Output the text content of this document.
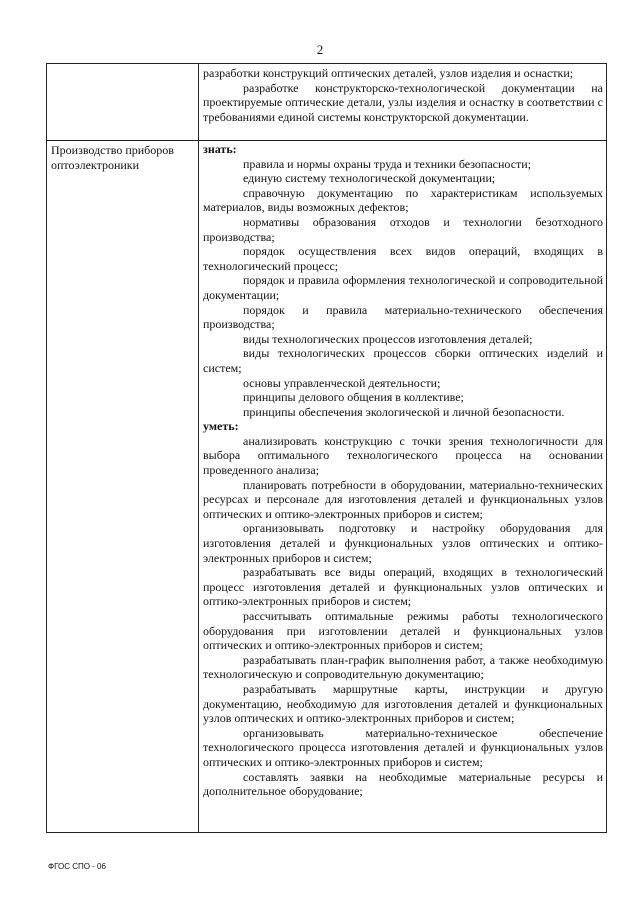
2

разработки конструкций оптических деталей, узлов изделия и оснастки;

разработке конструкторско-технологической документации на проектируемые оптические детали, узлы изделия и оснастку в соответствии с требованиями единой системы конструкторской документации.

Производство приборов оптоэлектроники

знать:

правила и нормы охраны труда и техники безопасности;

единую систему технологической документации;

справочную документацию по характеристикам используемых материалов, виды возможных дефектов;

нормативы образования отходов и технологии безотходного производства;

порядок осуществления всех видов операций, входящих в технологический процесс;

порядок и правила оформления технологической и сопроводительной документации;

порядок и правила материально-технического обеспечения производства;

виды технологических процессов изготовления деталей;

виды технологических процессов сборки оптических изделий и систем;

основы управленческой деятельности;

принципы делового общения в коллективе;

принципы обеспечения экологической и личной безопасности.

уметь:

анализировать конструкцию с точки зрения технологичности для выбора оптимального технологического процесса на основании проведенного анализа;

планировать потребности в оборудовании, материально-технических ресурсах и персонале для изготовления деталей и функциональных узлов оптических и оптико-электронных приборов и систем;

организовывать подготовку и настройку оборудования для изготовления деталей и функциональных узлов оптических и оптико-электронных приборов и систем;

разрабатывать все виды операций, входящих в технологический процесс изготовления деталей и функциональных узлов оптических и оптико-электронных приборов и систем;

рассчитывать оптимальные режимы работы технологического оборудования при изготовлении деталей и функциональных узлов оптических и оптико-электронных приборов и систем;

разрабатывать план-график выполнения работ, а также необходимую технологическую и сопроводительную документацию;

разрабатывать маршрутные карты, инструкции и другую документацию, необходимую для изготовления деталей и функциональных узлов оптических и оптико-электронных приборов и систем;

организовывать материально-техническое обеспечение технологического процесса изготовления деталей и функциональных узлов оптических и оптико-электронных приборов и систем;

составлять заявки на необходимые материальные ресурсы и дополнительное оборудование;

ФГОС СПО - 06
